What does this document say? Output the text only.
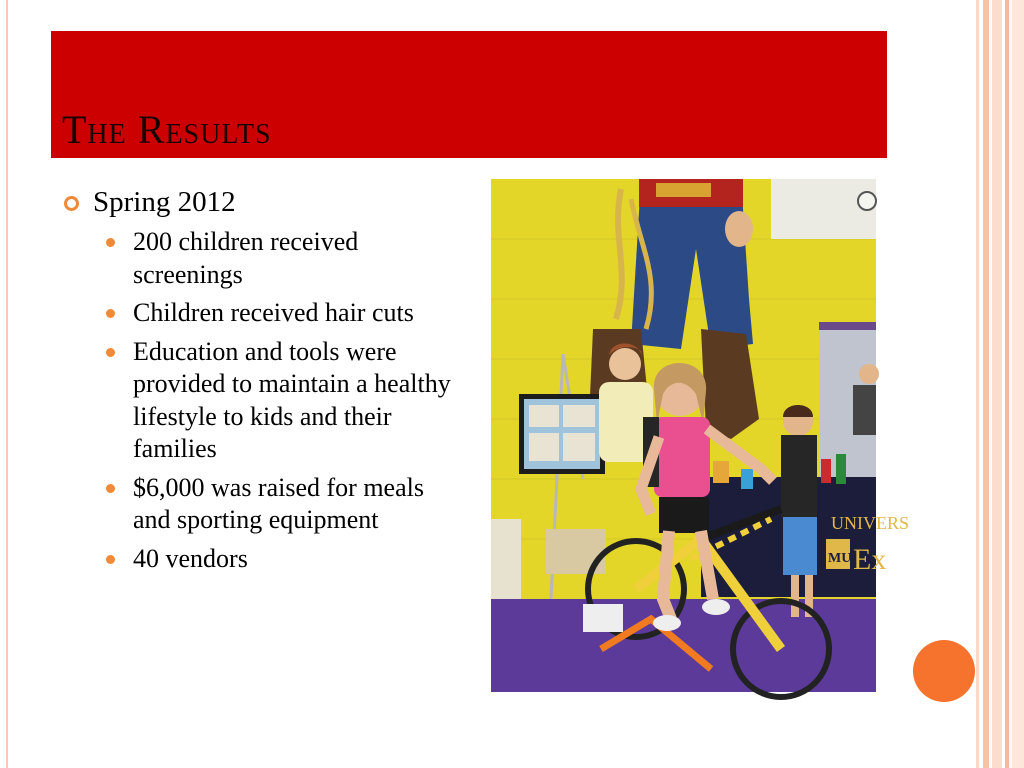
The Results
Spring 2012
200 children received screenings
Children received hair cuts
Education and tools were provided to maintain a healthy lifestyle to kids and their families
$6,000 was raised for meals and sporting equipment
40 vendors
UNIVERS
MU Ex
